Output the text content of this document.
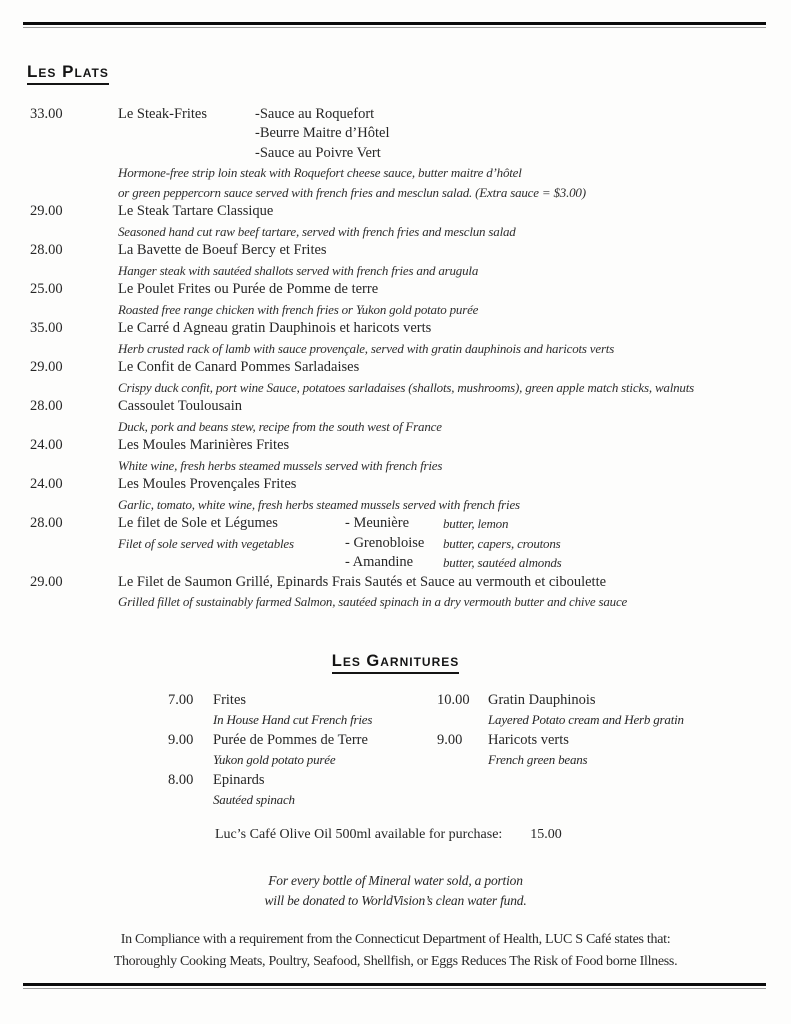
Les Plats
33.00	Le Steak-Frites	-Sauce au Roquefort
-Beurre Maitre d’Hôtel
-Sauce au Poivre Vert
Hormone-free strip loin steak with Roquefort cheese sauce, butter maitre d’hôtel
or green peppercorn sauce served with french fries and mesclun salad. (Extra sauce = $3.00)
29.00	Le Steak Tartare Classique
Seasoned hand cut raw beef tartare, served with french fries and mesclun salad
28.00	La Bavette de Boeuf Bercy et Frites
Hanger steak with sautéed shallots served with french fries and arugula
25.00	Le Poulet Frites ou Purée de Pomme de terre
Roasted free range chicken with french fries or Yukon gold potato purée
35.00	Le Carré d Agneau gratin Dauphinois et haricots verts
Herb crusted rack of lamb with sauce provençale, served with gratin dauphinois and haricots verts
29.00	Le Confit de Canard Pommes Sarladaises
Crispy duck confit, port wine Sauce, potatoes sarladaises (shallots, mushrooms), green apple match sticks, walnuts
28.00	Cassoulet Toulousain
Duck, pork and beans stew, recipe from the south west of France
24.00	Les Moules Marinières Frites
White wine, fresh herbs steamed mussels served with french fries
24.00	Les Moules Provençales Frites
Garlic, tomato, white wine, fresh herbs steamed mussels served with french fries
28.00	Le filet de Sole et Légumes	- Meunière	butter, lemon
Filet of sole served with vegetables	- Grenobloise	butter, capers, croutons
- Amandine	butter, sautéed almonds
29.00	Le Filet de Saumon Grillé, Epinards Frais Sautés et Sauce au vermouth et ciboulette
Grilled fillet of sustainably farmed Salmon, sautéed spinach in a dry vermouth butter and chive sauce
Les Garnitures
7.00	Frites
In House Hand cut French fries
9.00	Purée de Pommes de Terre
Yukon gold potato purée
8.00	Epinards
Sautéed spinach
10.00	Gratin Dauphinois
Layered Potato cream and Herb gratin
9.00	Haricots verts
French green beans
Luc’s Café Olive Oil 500ml available for purchase: 15.00
For every bottle of Mineral water sold, a portion
will be donated to WorldVision’s clean water fund.
In Compliance with a requirement from the Connecticut Department of Health, LUC S Café states that:
Thoroughly Cooking Meats, Poultry, Seafood, Shellfish, or Eggs Reduces The Risk of Food borne Illness.
